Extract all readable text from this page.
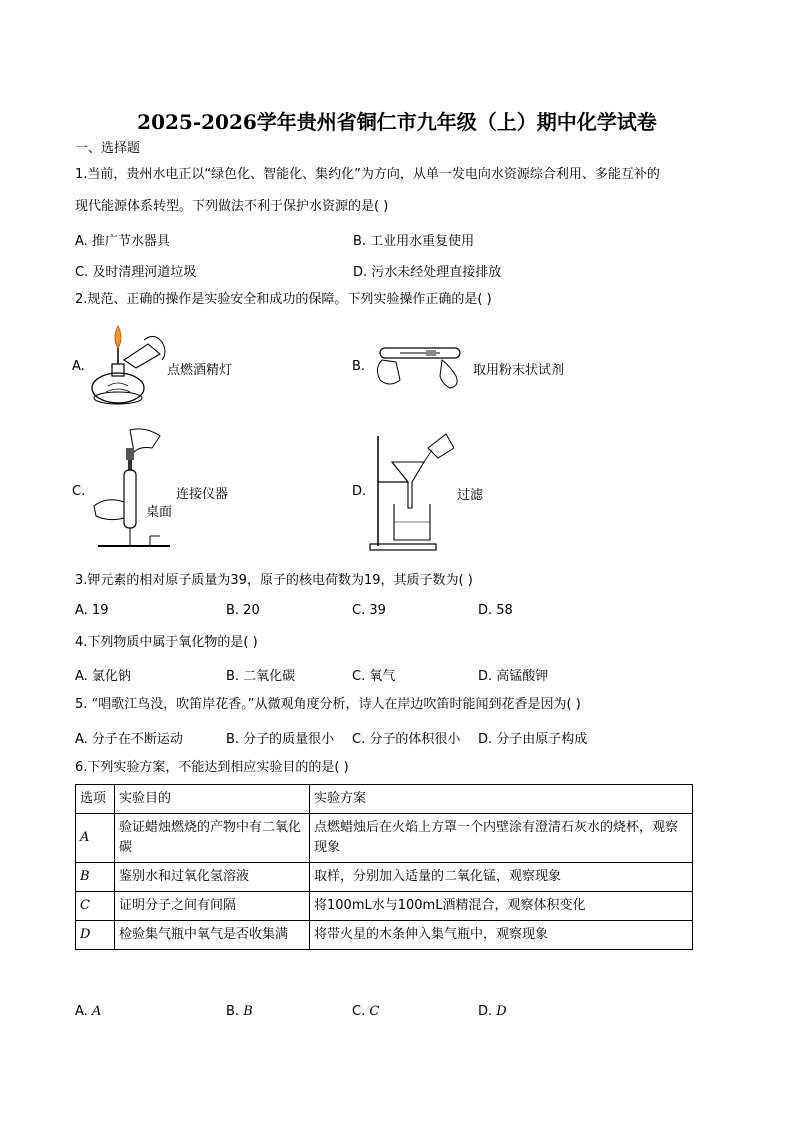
2025-2026学年贵州省铜仁市九年级（上）期中化学试卷
一、选择题
1.当前，贵州水电正以“绿色化、智能化、集约化”为方向，从单一发电向水资源综合利用、多能互补的
现代能源体系转型。下列做法不利于保护水资源的是( )
A. 推广节水器具	B. 工业用水重复使用
C. 及时清理河道垃圾	D. 污水未经处理直接排放
2.规范、正确的操作是实验安全和成功的保障。下列实验操作正确的是( )
A.	点燃酒精灯	B.	取用粉末状试剂
C.	连接仪器
桌面
D.	过滤
3.钾元素的相对原子质量为39，原子的核电荷数为19，其质子数为( )
A. 19	B. 20	C. 39	D. 58
4.下列物质中属于氧化物的是( )
A. 氯化钠	B. 二氧化碳	C. 氧气	D. 高锰酸钾
5. “唱歌江鸟没，吹笛岸花香。”从微观角度分析，诗人在岸边吹笛时能闻到花香是因为( )
A. 分子在不断运动	B. 分子的质量很小 C. 分子的体积很小 D. 分子由原子构成
6.下列实验方案，不能达到相应实验目的的是( )
选项	实验目的	实验方案
A	验证蜡烛燃烧的产物中有二氧化碳	点燃蜡烛后在火焰上方罩一个内壁涂有澄清石灰水的烧杯，观察现象
B	鉴别水和过氧化氢溶液	取样，分别加入适量的二氧化锰，观察现象
C	证明分子之间有间隔	将100mL水与100mL酒精混合，观察体积变化
D	检验集气瓶中氧气是否收集满	将带火星的木条伸入集气瓶中，观察现象
A. A	B. B	C. C	D. D
